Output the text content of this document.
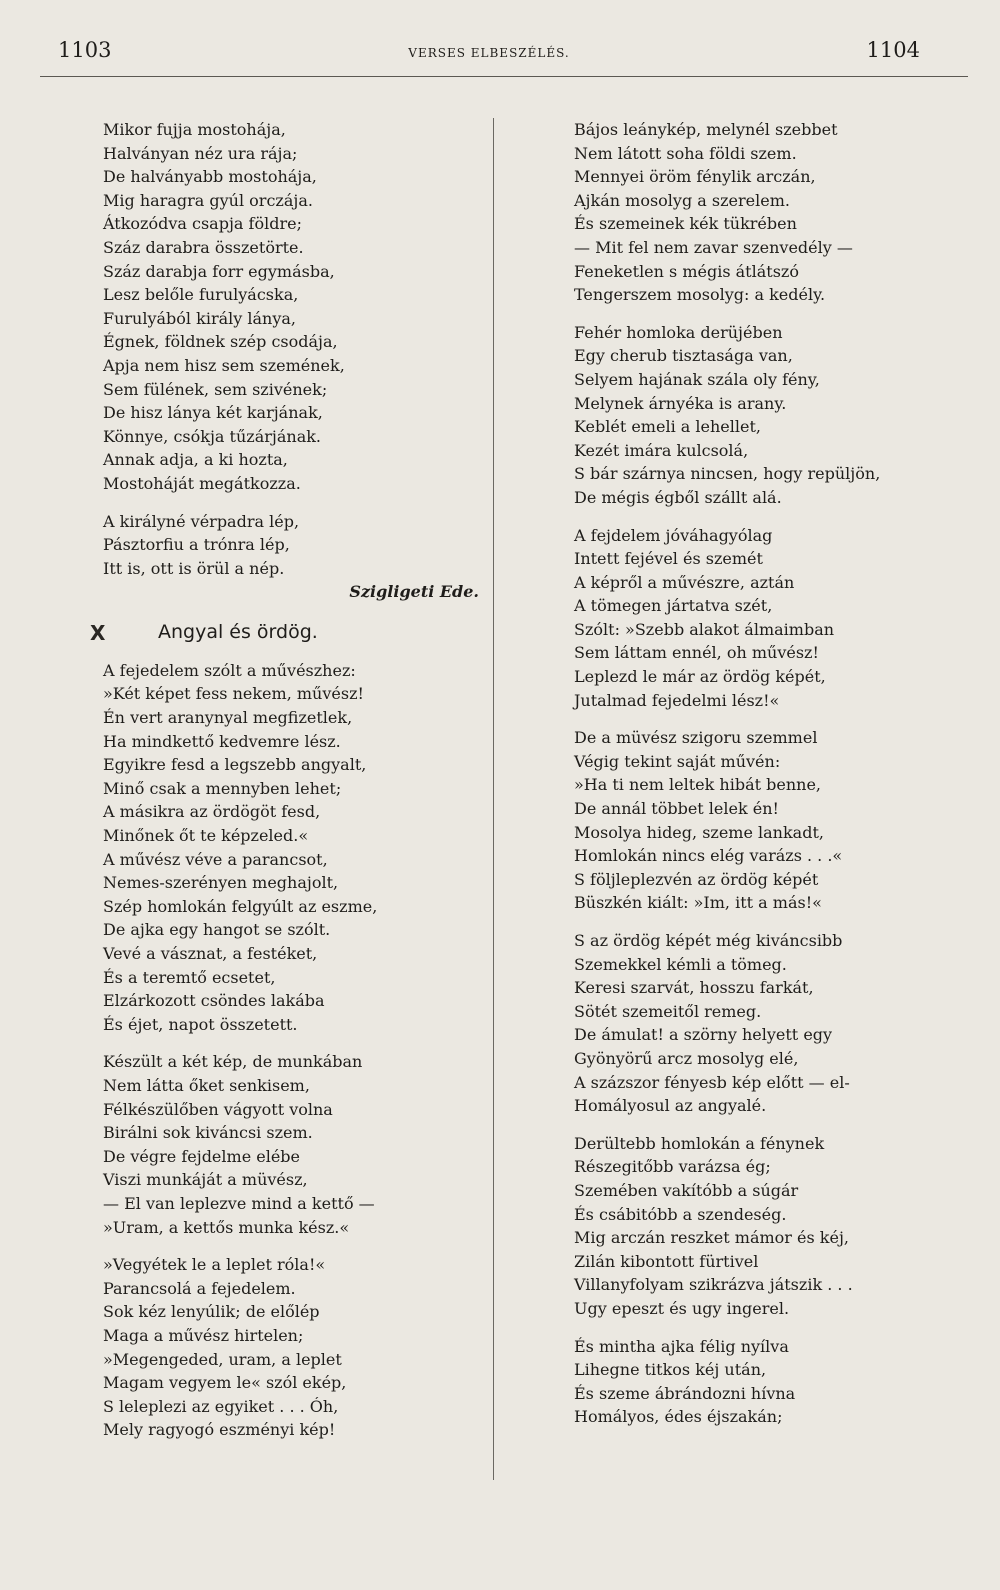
1103	VERSES ELBESZÉLÉS.	1104
Mikor fujja mostohája,
Halványan néz ura rája;
De halványabb mostohája,
Mig haragra gyúl orczája.
Átkozódva csapja földre;
Száz darabra összetörte.
Száz darabja forr egymásba,
Lesz belőle furulyácska,
Furulyából király lánya,
Égnek, földnek szép csodája,
Apja nem hisz sem szemének,
Sem fülének, sem szivének;
De hisz lánya két karjának,
Könnye, csókja tűzárjának.
Annak adja, a ki hozta,
Mostoháját megátkozza.
A királyné vérpadra lép,
Pásztorfiu a trónra lép,
Itt is, ott is örül a nép.
Szigligeti Ede.
X	Angyal és ördög.
A fejedelem szólt a művészhez:
»Két képet fess nekem, művész!
Én vert aranynyal megfizetlek,
Ha mindkettő kedvemre lész.
Egyikre fesd a legszebb angyalt,
Minő csak a mennyben lehet;
A másikra az ördögöt fesd,
Minőnek őt te képzeled.«
A művész véve a parancsot,
Nemes-szerényen meghajolt,
Szép homlokán felgyúlt az eszme,
De ajka egy hangot se szólt.
Vevé a vásznat, a festéket,
És a teremtő ecsetet,
Elzárkozott csöndes lakába
És éjet, napot összetett.
Készült a két kép, de munkában
Nem látta őket senkisem,
Félkészülőben vágyott volna
Birálni sok kiváncsi szem.
De végre fejdelme elébe
Viszi munkáját a müvész,
— El van leplezve mind a kettő —
»Uram, a kettős munka kész.«
»Vegyétek le a leplet róla!«
Parancsolá a fejedelem.
Sok kéz lenyúlik; de előlép
Maga a művész hirtelen;
»Megengeded, uram, a leplet
Magam vegyem le« szól ekép,
S leleplezi az egyiket . . . Óh,
Mely ragyogó eszményi kép!
Bájos leánykép, melynél szebbet
Nem látott soha földi szem.
Mennyei öröm fénylik arczán,
Ajkán mosolyg a szerelem.
És szemeinek kék tükrében
— Mit fel nem zavar szenvedély —
Feneketlen s mégis átlátszó
Tengerszem mosolyg: a kedély.
Fehér homloka derüjében
Egy cherub tisztasága van,
Selyem hajának szála oly fény,
Melynek árnyéka is arany.
Keblét emeli a lehellet,
Kezét imára kulcsolá,
S bár szárnya nincsen, hogy repüljön,
De mégis égből szállt alá.
A fejdelem jóváhagyólag
Intett fejével és szemét
A képről a művészre, aztán
A tömegen jártatva szét,
Szólt: »Szebb alakot álmaimban
Sem láttam ennél, oh művész!
Leplezd le már az ördög képét,
Jutalmad fejedelmi lész!«
De a müvész szigoru szemmel
Végig tekint saját művén:
»Ha ti nem leltek hibát benne,
De annál többet lelek én!
Mosolya hideg, szeme lankadt,
Homlokán nincs elég varázs . . .«
S följleplezvén az ördög képét
Büszkén kiált: »Im, itt a más!«
S az ördög képét még kiváncsibb
Szemekkel kémli a tömeg.
Keresi szarvát, hosszu farkát,
Sötét szemeitől remeg.
De ámulat! a szörny helyett egy
Gyönyörű arcz mosolyg elé,
A százszor fényesb kép előtt — el-
Homályosul az angyalé.
Derültebb homlokán a fénynek
Részegitőbb varázsa ég;
Szemében vakítóbb a súgár
És csábitóbb a szendeség.
Mig arczán reszket mámor és kéj,
Zilán kibontott fürtivel
Villanyfolyam szikrázva játszik . . .
Ugy epeszt és ugy ingerel.
És mintha ajka félig nyílva
Lihegne titkos kéj után,
És szeme ábrándozni hívna
Homályos, édes éjszakán;
